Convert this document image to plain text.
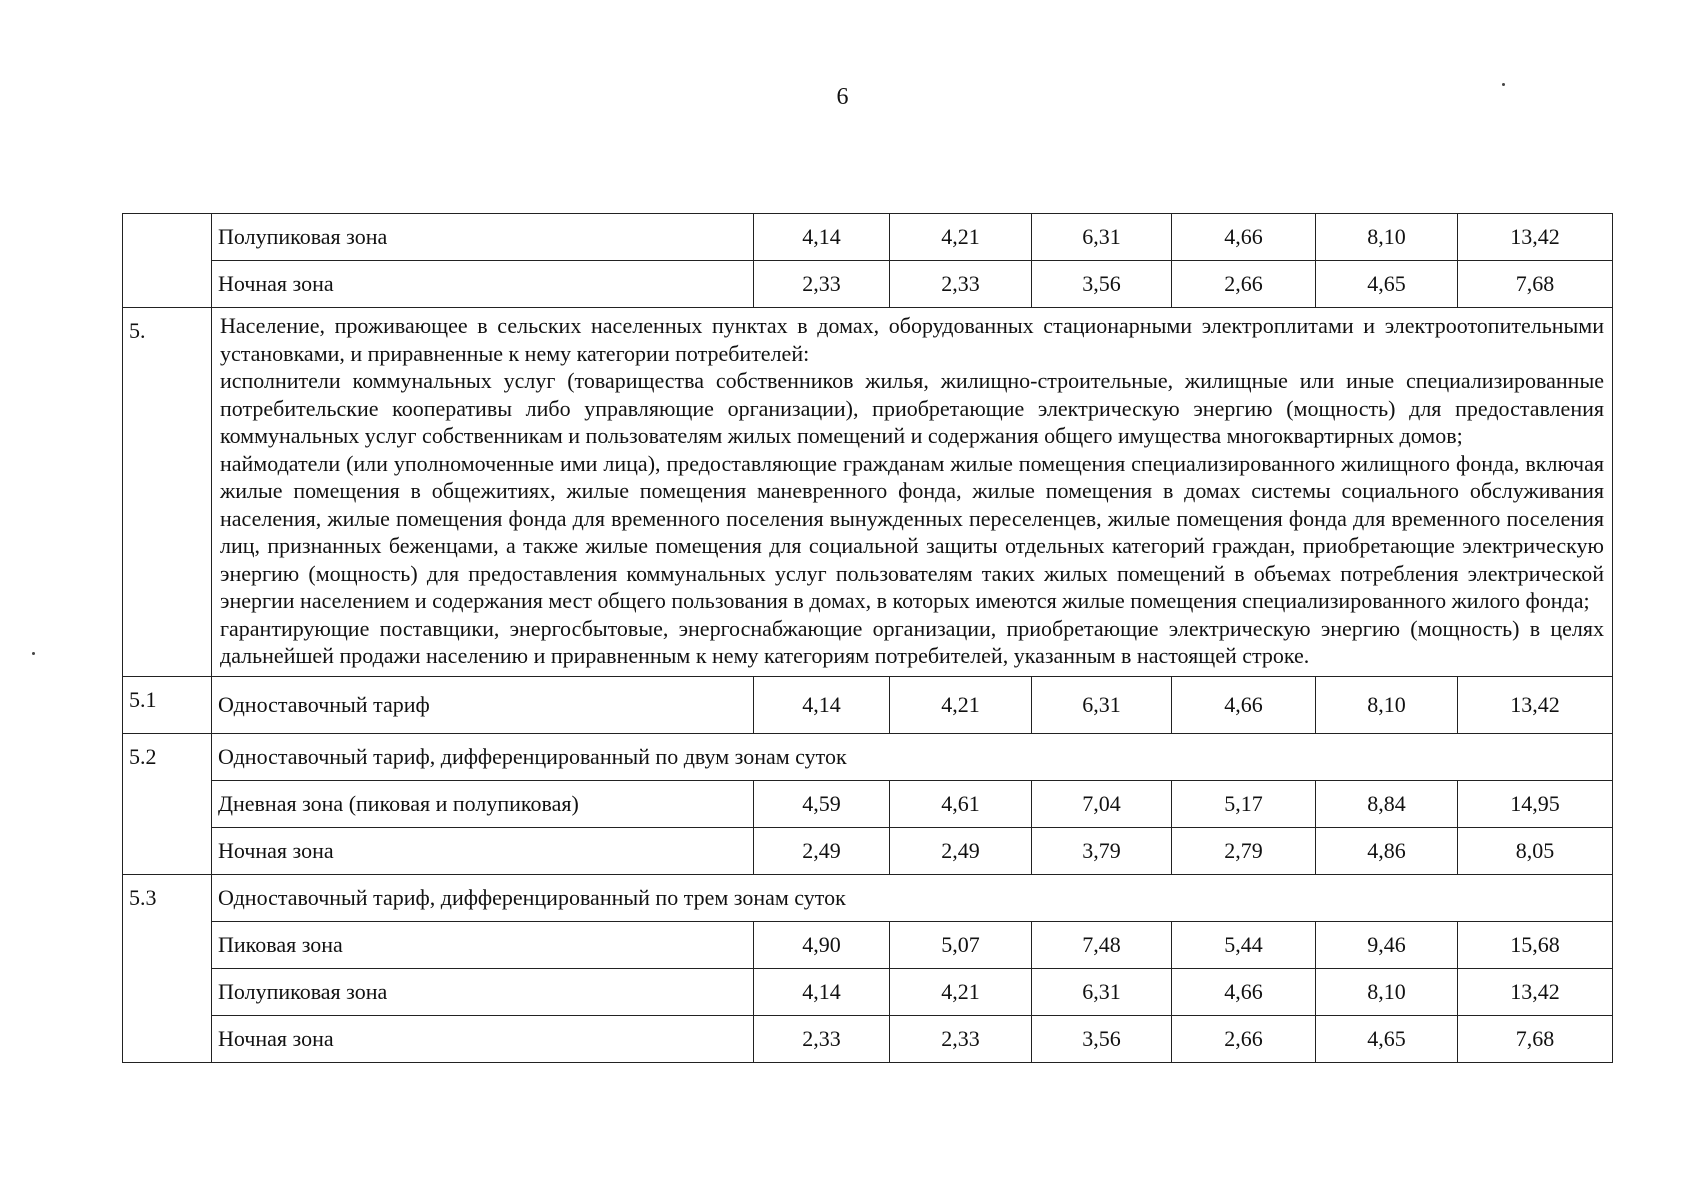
6
	Полупиковая зона	4,14	4,21	6,31	4,66	8,10	13,42
	Ночная зона	2,33	2,33	3,56	2,66	4,65	7,68
5.	Население, проживающее в сельских населенных пунктах в домах, оборудованных стационарными электроплитами и электроотопительными установками, и приравненные к нему категории потребителей:

исполнители коммунальных услуг (товарищества собственников жилья, жилищно-строительные, жилищные или иные специализированные потребительские кооперативы либо управляющие организации), приобретающие электрическую энергию (мощность) для предоставления коммунальных услуг собственникам и пользователям жилых помещений и содержания общего имущества многоквартирных домов;

наймодатели (или уполномоченные ими лица), предоставляющие гражданам жилые помещения специализированного жилищного фонда, включая жилые помещения в общежитиях, жилые помещения маневренного фонда, жилые помещения в домах системы социального обслуживания населения, жилые помещения фонда для временного поселения вынужденных переселенцев, жилые помещения фонда для временного поселения лиц, признанных беженцами, а также жилые помещения для социальной защиты отдельных категорий граждан, приобретающие электрическую энергию (мощность) для предоставления коммунальных услуг пользователям таких жилых помещений в объемах потребления электрической энергии населением и содержания мест общего пользования в домах, в которых имеются жилые помещения специализированного жилого фонда;

гарантирующие поставщики, энергосбытовые, энергоснабжающие организации, приобретающие электрическую энергию (мощность) в целях дальнейшей продажи населению и приравненным к нему категориям потребителей, указанным в настоящей строке.						

5.1	Одноставочный тариф	4,14	4,21	6,31	4,66	8,10	13,42
5.2	Одноставочный тариф, дифференцированный по двум зонам суток						
	Дневная зона (пиковая и полупиковая)	4,59	4,61	7,04	5,17	8,84	14,95
	Ночная зона	2,49	2,49	3,79	2,79	4,86	8,05
5.3	Одноставочный тариф, дифференцированный по трем зонам суток						
	Пиковая зона	4,90	5,07	7,48	5,44	9,46	15,68
	Полупиковая зона	4,14	4,21	6,31	4,66	8,10	13,42
	Ночная зона	2,33	2,33	3,56	2,66	4,65	7,68
